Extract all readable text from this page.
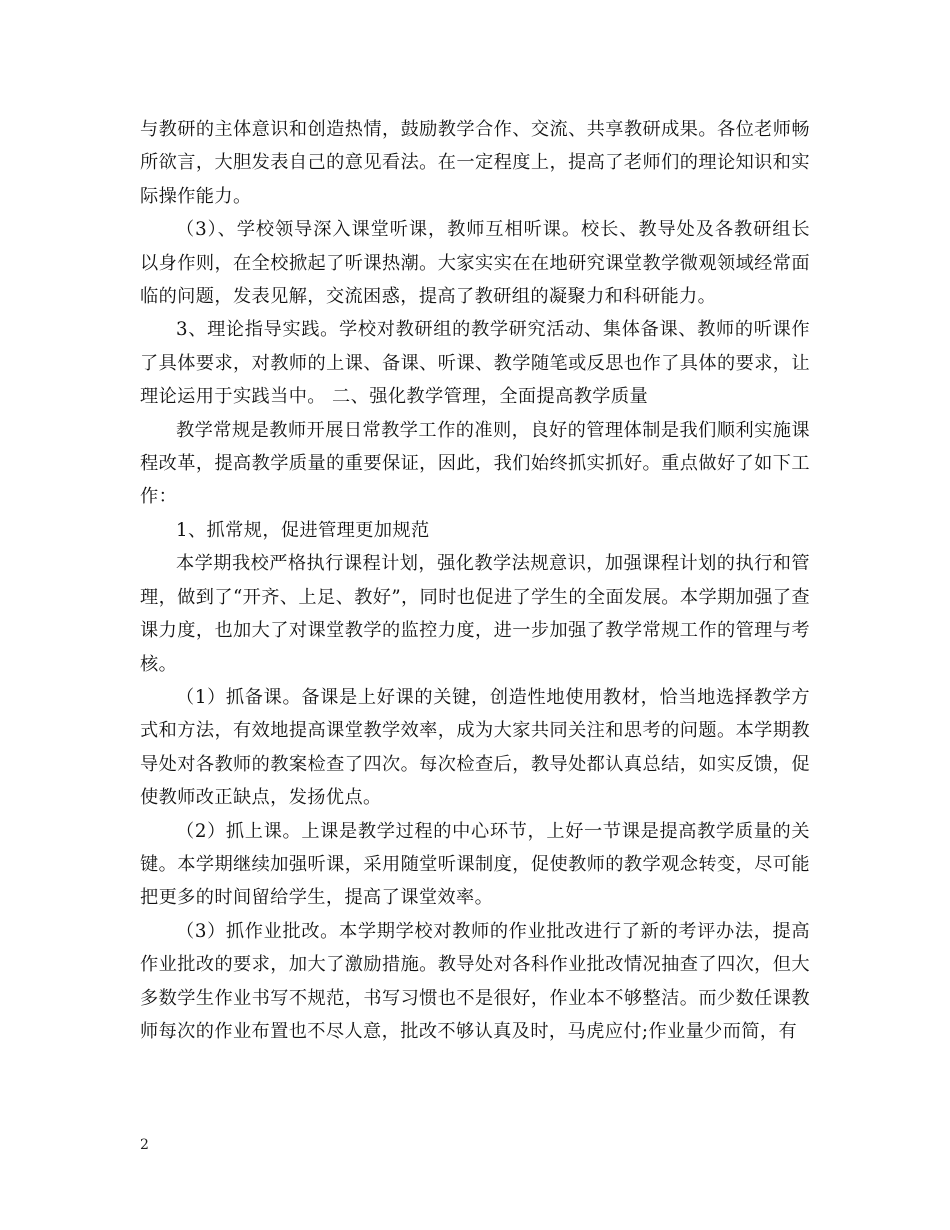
与教研的主体意识和创造热情，鼓励教学合作、交流、共享教研成果。各位老师畅所欲言，大胆发表自己的意见看法。在一定程度上，提高了老师们的理论知识和实际操作能力。

（3）、学校领导深入课堂听课，教师互相听课。校长、教导处及各教研组长以身作则，在全校掀起了听课热潮。大家实实在在地研究课堂教学微观领域经常面临的问题，发表见解，交流困惑，提高了教研组的凝聚力和科研能力。

3、理论指导实践。学校对教研组的教学研究活动、集体备课、教师的听课作了具体要求，对教师的上课、备课、听课、教学随笔或反思也作了具体的要求，让理论运用于实践当中。 二、强化教学管理，全面提高教学质量

教学常规是教师开展日常教学工作的准则，良好的管理体制是我们顺利实施课程改革，提高教学质量的重要保证，因此，我们始终抓实抓好。重点做好了如下工作：

1、抓常规，促进管理更加规范

本学期我校严格执行课程计划，强化教学法规意识，加强课程计划的执行和管理，做到了“开齐、上足、教好”，同时也促进了学生的全面发展。本学期加强了查课力度，也加大了对课堂教学的监控力度，进一步加强了教学常规工作的管理与考核。

（1）抓备课。备课是上好课的关键，创造性地使用教材，恰当地选择教学方式和方法，有效地提高课堂教学效率，成为大家共同关注和思考的问题。本学期教导处对各教师的教案检查了四次。每次检查后，教导处都认真总结，如实反馈，促使教师改正缺点，发扬优点。

（2）抓上课。上课是教学过程的中心环节，上好一节课是提高教学质量的关键。本学期继续加强听课，采用随堂听课制度，促使教师的教学观念转变，尽可能把更多的时间留给学生，提高了课堂效率。

（3）抓作业批改。本学期学校对教师的作业批改进行了新的考评办法，提高作业批改的要求，加大了激励措施。教导处对各科作业批改情况抽查了四次，但大多数学生作业书写不规范，书写习惯也不是很好，作业本不够整洁。而少数任课教师每次的作业布置也不尽人意，批改不够认真及时，马虎应付;作业量少而简，有

2
